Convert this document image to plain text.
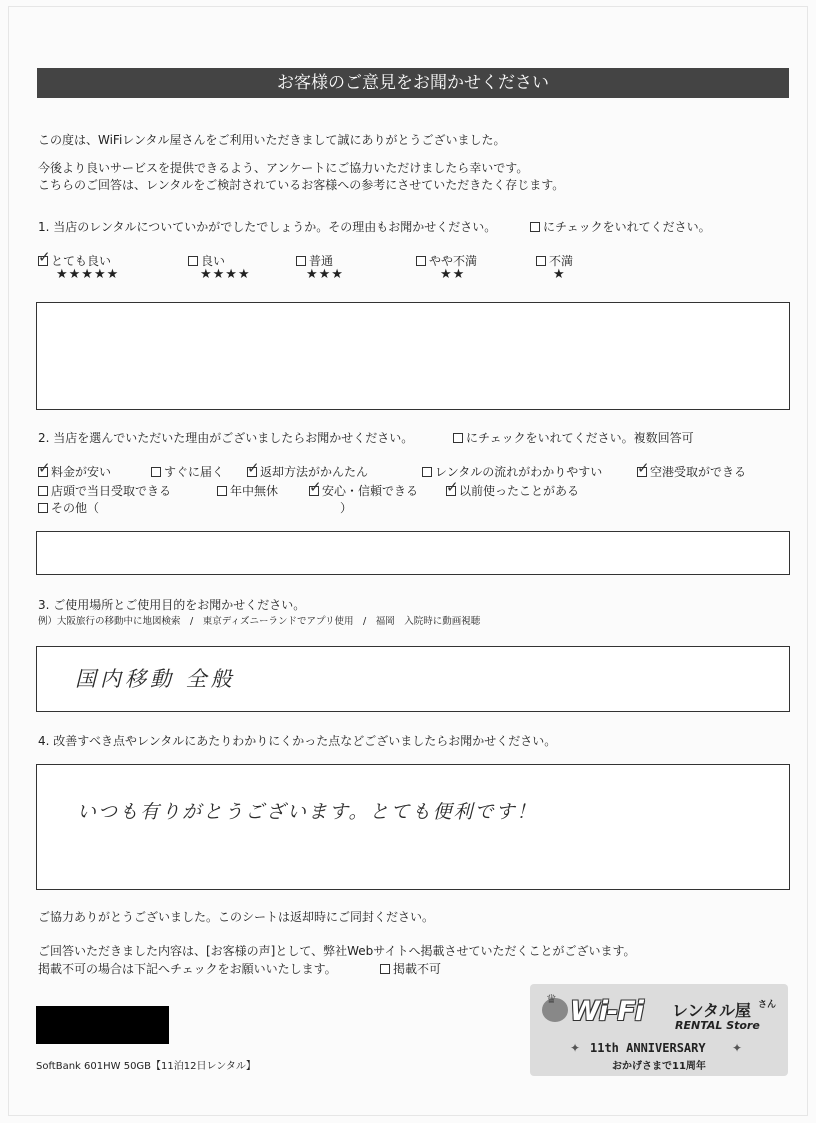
お客様のご意見をお聞かせください
この度は、WiFiレンタル屋さんをご利用いただきまして誠にありがとうございました。
今後より良いサービスを提供できるよう、アンケートにご協力いただけましたら幸いです。
こちらのご回答は、レンタルをご検討されているお客様への参考にさせていただきたく存じます。
1. 当店のレンタルについていかがでしたでしょうか。その理由もお聞かせください。	にチェックをいれてください。
✓ とても良い
★★★★★
良い
★★★★
普通
★★★
やや不満
★★
不満
★
2. 当店を選んでいただいた理由がございましたらお聞かせください。	にチェックをいれてください。複数回答可
✓ 料金が安い	すぐに届く ✓ 返却方法がかんたん	レンタルの流れがわかりやすい ✓ 空港受取ができる
店頭で当日受取できる	年中無休 ✓ 安心・信頼できる ✓ 以前使ったことがある
その他（	）
3. ご使用場所とご使用目的をお聞かせください。
例）大阪旅行の移動中に地図検索　/　東京ディズニーランドでアプリ使用　/　福岡　入院時に動画視聴
国内移動 全般
4. 改善すべき点やレンタルにあたりわかりにくかった点などございましたらお聞かせください。
いつも有りがとうございます。とても便利です！
ご協力ありがとうございました。このシートは返却時にご同封ください。
ご回答いただきました内容は、[お客様の声]として、弊社Webサイトへ掲載させていただくことがございます。
掲載不可の場合は下記へチェックをお願いいたします。	掲載不可
SoftBank 601HW 50GB【11泊12日レンタル】
♛ Wi-Fi レンタル屋 さん
RENTAL Store
✦ 11th ANNIVERSARY ✦
おかげさまで11周年
